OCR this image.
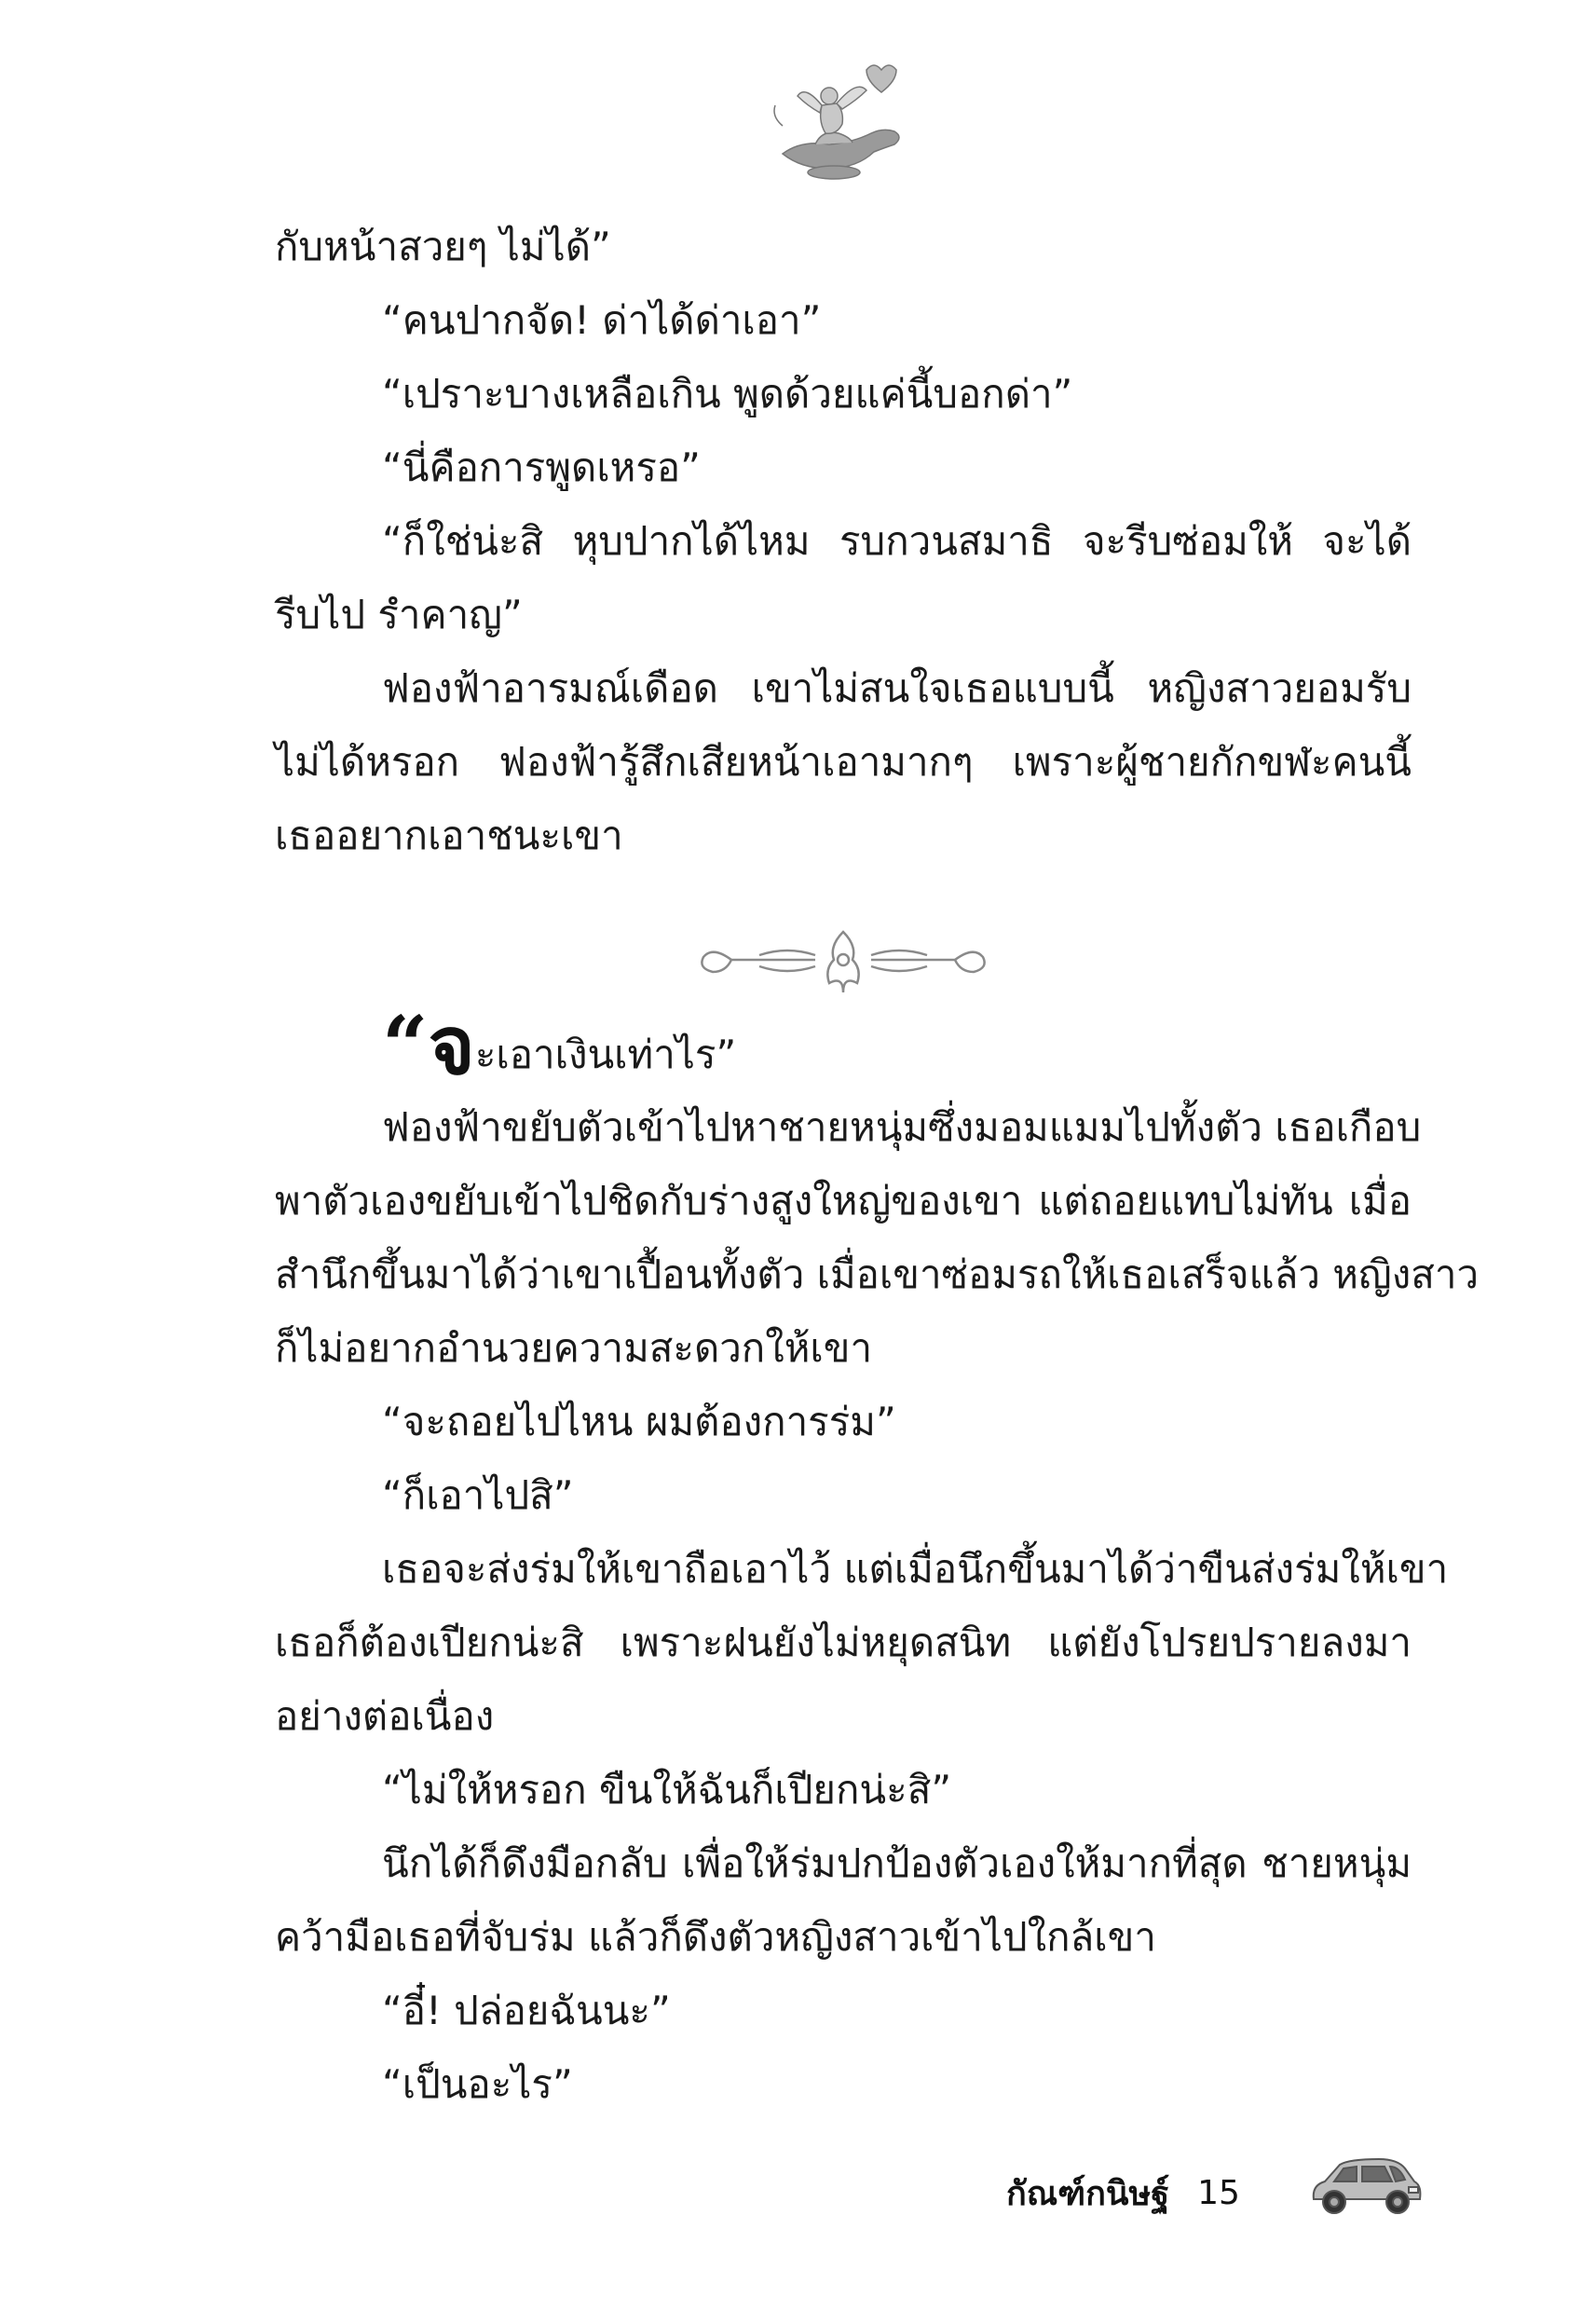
กับหน้าสวยๆ ไม่ได้”
“คนปากจัด! ด่าได้ด่าเอา”
“เปราะบางเหลือเกิน พูดด้วยแค่นี้บอกด่า”
“นี่คือการพูดเหรอ”
“ก็ใช่น่ะสิ หุบปากได้ไหม รบกวนสมาธิ จะรีบซ่อมให้ จะได้
รีบไป รำคาญ”
ฟองฟ้าอารมณ์เดือด เขาไม่สนใจเธอแบบนี้ หญิงสาวยอมรับ
ไม่ได้หรอก ฟองฟ้ารู้สึกเสียหน้าเอามากๆ เพราะผู้ชายกักขฬะคนนี้
เธออยากเอาชนะเขา
“จะเอาเงินเท่าไร”
ฟองฟ้าขยับตัวเข้าไปหาชายหนุ่มซึ่งมอมแมมไปทั้งตัว เธอเกือบ
พาตัวเองขยับเข้าไปชิดกับร่างสูงใหญ่ของเขา แต่ถอยแทบไม่ทัน เมื่อ
สำนึกขึ้นมาได้ว่าเขาเปื้อนทั้งตัว เมื่อเขาซ่อมรถให้เธอเสร็จแล้ว หญิงสาว
ก็ไม่อยากอำนวยความสะดวกให้เขา
“จะถอยไปไหน ผมต้องการร่ม”
“ก็เอาไปสิ”
เธอจะส่งร่มให้เขาถือเอาไว้ แต่เมื่อนึกขึ้นมาได้ว่าขืนส่งร่มให้เขา
เธอก็ต้องเปียกน่ะสิ เพราะฝนยังไม่หยุดสนิท แต่ยังโปรยปรายลงมา
อย่างต่อเนื่อง
“ไม่ให้หรอก ขืนให้ฉันก็เปียกน่ะสิ”
นึกได้ก็ดึงมือกลับ เพื่อให้ร่มปกป้องตัวเองให้มากที่สุด ชายหนุ่ม
คว้ามือเธอที่จับร่ม แล้วก็ดึงตัวหญิงสาวเข้าไปใกล้เขา
“อี๋! ปล่อยฉันนะ”
“เป็นอะไร”
กัณฑ์กนิษฐ์ 15
